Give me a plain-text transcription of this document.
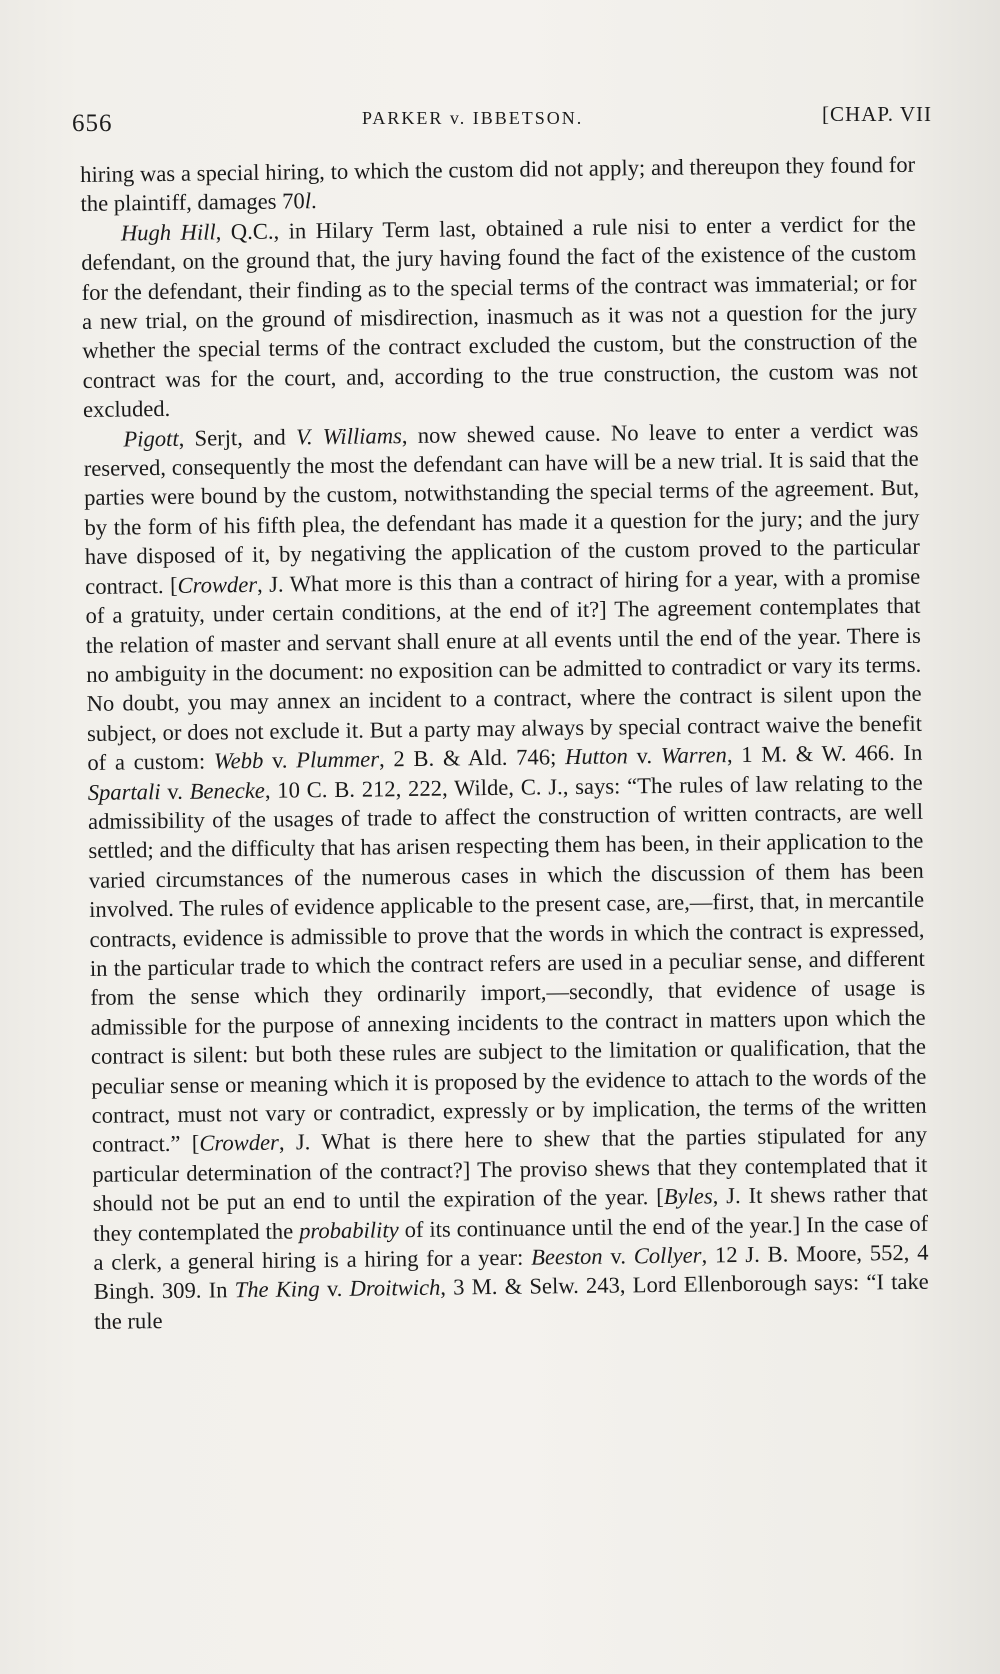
656	PARKER v. IBBETSON.	[CHAP. VII

hiring was a special hiring, to which the custom did not apply; and thereupon they found for the plaintiff, damages 70l.

Hugh Hill, Q.C., in Hilary Term last, obtained a rule nisi to enter a verdict for the defendant, on the ground that, the jury having found the fact of the existence of the custom for the defendant, their finding as to the special terms of the contract was immaterial; or for a new trial, on the ground of misdirection, inasmuch as it was not a question for the jury whether the special terms of the contract excluded the custom, but the construction of the contract was for the court, and, according to the true construction, the custom was not excluded.

Pigott, Serjt, and V. Williams, now shewed cause. No leave to enter a verdict was reserved, consequently the most the defendant can have will be a new trial. It is said that the parties were bound by the custom, notwithstanding the special terms of the agreement. But, by the form of his fifth plea, the defendant has made it a question for the jury; and the jury have disposed of it, by negativing the application of the custom proved to the particular contract. [Crowder, J. What more is this than a contract of hiring for a year, with a promise of a gratuity, under certain conditions, at the end of it?] The agreement contemplates that the relation of master and servant shall enure at all events until the end of the year. There is no ambiguity in the document: no exposition can be admitted to contradict or vary its terms. No doubt, you may annex an incident to a contract, where the contract is silent upon the subject, or does not exclude it. But a party may always by special contract waive the benefit of a custom: Webb v. Plummer, 2 B. & Ald. 746; Hutton v. Warren, 1 M. & W. 466. In Spartali v. Benecke, 10 C. B. 212, 222, Wilde, C. J., says: “The rules of law relating to the admissibility of the usages of trade to affect the construction of written contracts, are well settled; and the difficulty that has arisen respecting them has been, in their application to the varied circumstances of the numerous cases in which the discussion of them has been involved. The rules of evidence applicable to the present case, are,—first, that, in mercantile contracts, evidence is admissible to prove that the words in which the contract is expressed, in the particular trade to which the contract refers are used in a peculiar sense, and different from the sense which they ordinarily import,—secondly, that evidence of usage is admissible for the purpose of annexing incidents to the contract in matters upon which the contract is silent: but both these rules are subject to the limitation or qualification, that the peculiar sense or meaning which it is proposed by the evidence to attach to the words of the contract, must not vary or contradict, expressly or by implication, the terms of the written contract.” [Crowder, J. What is there here to shew that the parties stipulated for any particular determination of the contract?] The proviso shews that they contemplated that it should not be put an end to until the expiration of the year. [Byles, J. It shews rather that they contemplated the probability of its continuance until the end of the year.] In the case of a clerk, a general hiring is a hiring for a year: Beeston v. Collyer, 12 J. B. Moore, 552, 4 Bingh. 309. In The King v. Droitwich, 3 M. & Selw. 243, Lord Ellenborough says: “I take the rule
